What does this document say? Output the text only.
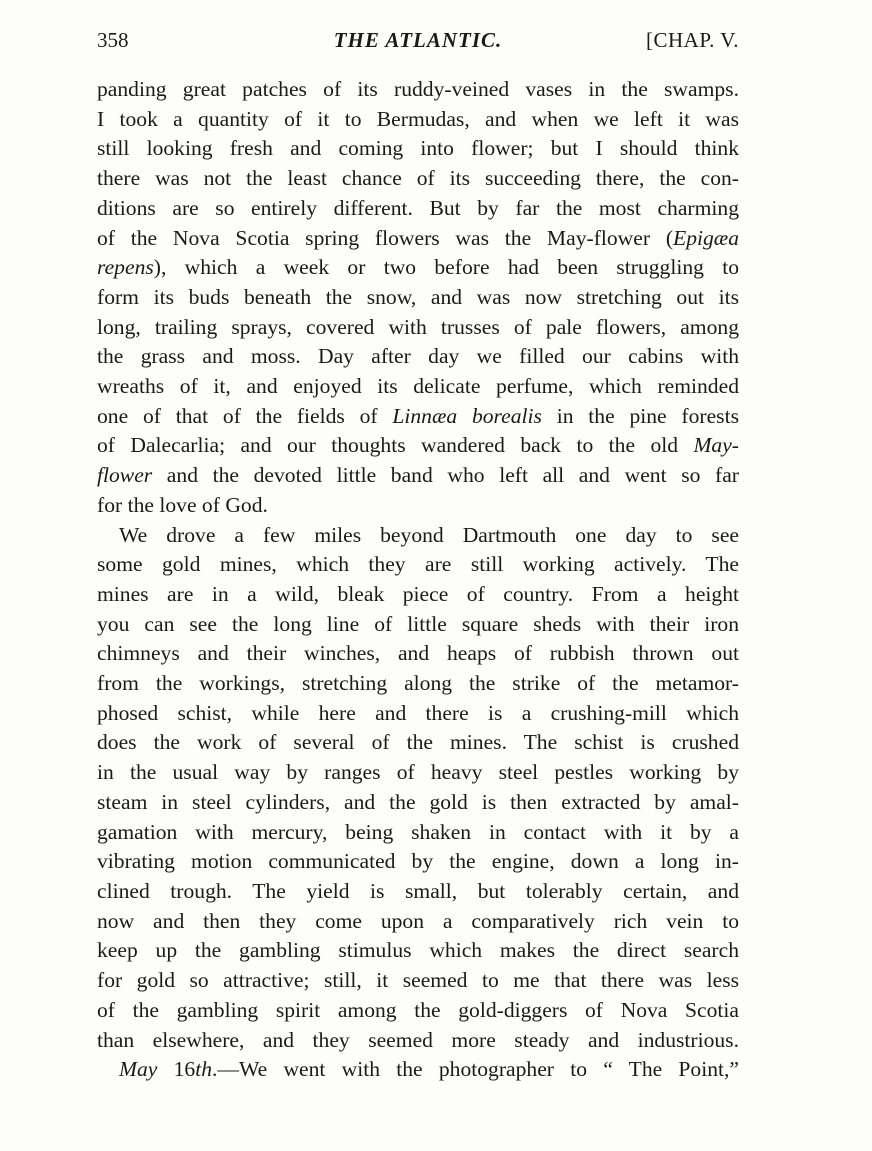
358	THE ATLANTIC.	[CHAP. V.
panding great patches of its ruddy-veined vases in the swamps.
I took a quantity of it to Bermudas, and when we left it was
still looking fresh and coming into flower; but I should think
there was not the least chance of its succeeding there, the con-
ditions are so entirely different. But by far the most charming
of the Nova Scotia spring flowers was the May-flower (Epigæa
repens), which a week or two before had been struggling to
form its buds beneath the snow, and was now stretching out its
long, trailing sprays, covered with trusses of pale flowers, among
the grass and moss. Day after day we filled our cabins with
wreaths of it, and enjoyed its delicate perfume, which reminded
one of that of the fields of Linnæa borealis in the pine forests
of Dalecarlia; and our thoughts wandered back to the old May-
flower and the devoted little band who left all and went so far
for the love of God.
We drove a few miles beyond Dartmouth one day to see
some gold mines, which they are still working actively. The
mines are in a wild, bleak piece of country. From a height
you can see the long line of little square sheds with their iron
chimneys and their winches, and heaps of rubbish thrown out
from the workings, stretching along the strike of the metamor-
phosed schist, while here and there is a crushing-mill which
does the work of several of the mines. The schist is crushed
in the usual way by ranges of heavy steel pestles working by
steam in steel cylinders, and the gold is then extracted by amal-
gamation with mercury, being shaken in contact with it by a
vibrating motion communicated by the engine, down a long in-
clined trough. The yield is small, but tolerably certain, and
now and then they come upon a comparatively rich vein to
keep up the gambling stimulus which makes the direct search
for gold so attractive; still, it seemed to me that there was less
of the gambling spirit among the gold-diggers of Nova Scotia
than elsewhere, and they seemed more steady and industrious.
May 16th.—We went with the photographer to “ The Point,”
